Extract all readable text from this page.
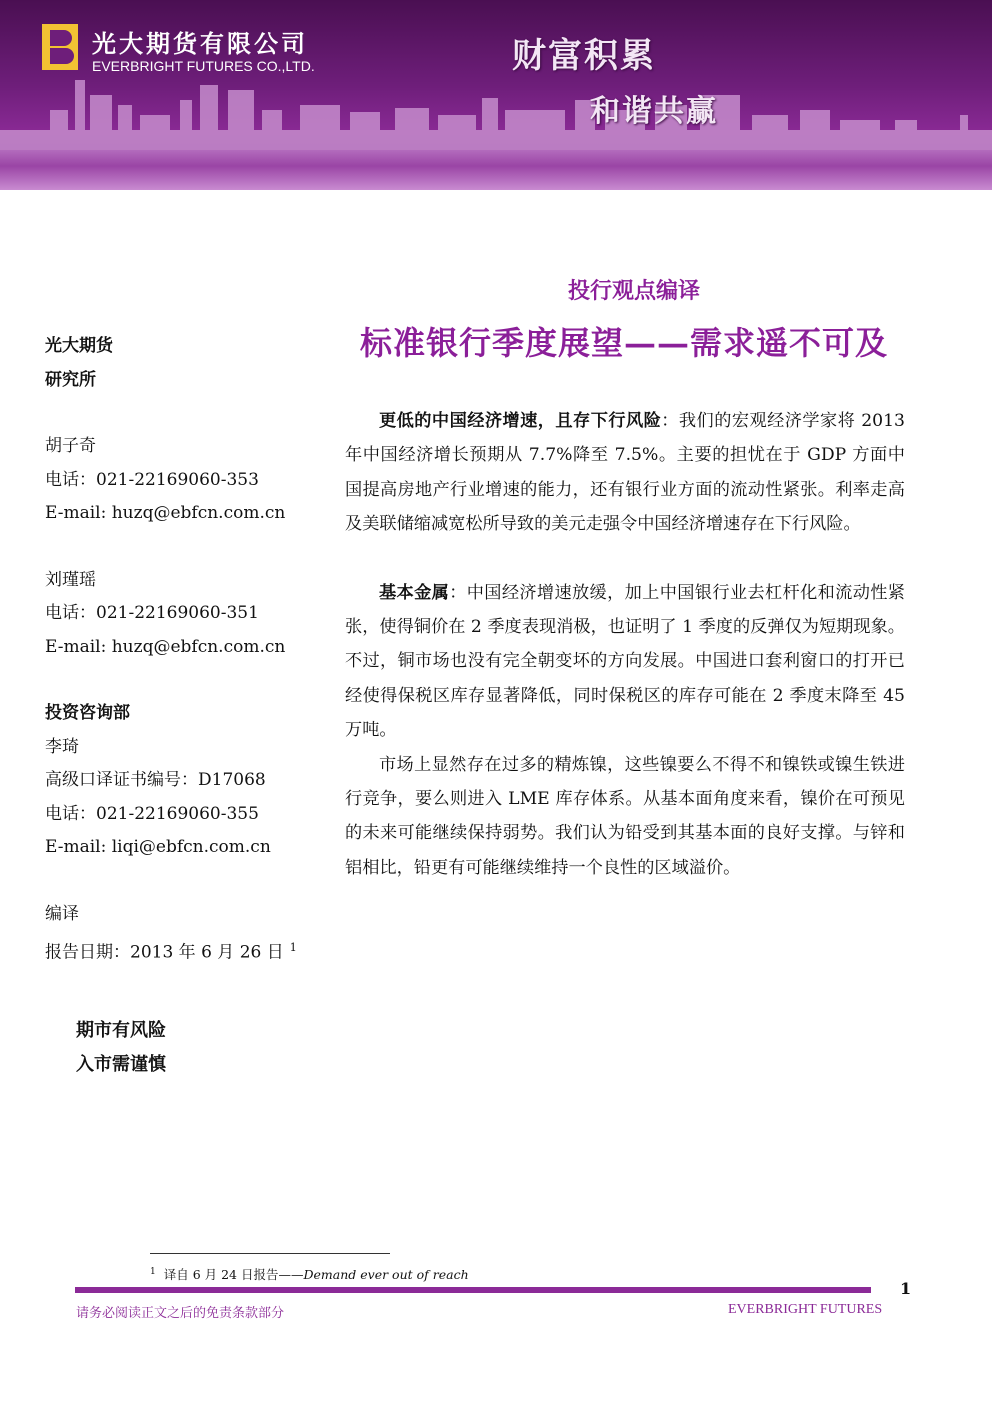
光大期货有限公司
EVERBRIGHT FUTURES CO.,LTD.	财富积累
和谐共赢
投行观点编译
标准银行季度展望——需求遥不可及
光大期货
研究所
胡子奇
电话：021-22169060-353
E-mail: huzq@ebfcn.com.cn
刘瑾瑶
电话：021-22169060-351
E-mail: huzq@ebfcn.com.cn
投资咨询部
李琦
高级口译证书编号：D17068
电话：021-22169060-355
E-mail: liqi@ebfcn.com.cn
编译
报告日期：2013 年 6 月 26 日 $^1$
期市有风险
入市需谨慎

更低的中国经济增速，且存下行风险：我们的宏观经济学家将 2013 年中国经济增长预期从 7.7%降至 7.5%。主要的担忧在于 GDP 方面中国提高房地产行业增速的能力，还有银行业方面的流动性紧张。利率走高及美联储缩减宽松所导致的美元走强令中国经济增速存在下行风险。

基本金属：中国经济增速放缓，加上中国银行业去杠杆化和流动性紧张，使得铜价在 2 季度表现消极，也证明了 1 季度的反弹仅为短期现象。不过，铜市场也没有完全朝变坏的方向发展。中国进口套利窗口的打开已经使得保税区库存显著降低，同时保税区的库存可能在 2 季度末降至 45 万吨。

市场上显然存在过多的精炼镍，这些镍要么不得不和镍铁或镍生铁进行竞争，要么则进入 LME 库存体系。从基本面角度来看，镍价在可预见的未来可能继续保持弱势。我们认为铅受到其基本面的良好支撑。与锌和铝相比，铅更有可能继续维持一个良性的区域溢价。

$^1$ 译自 6 月 24 日报告——Demand ever out of reach
1
请务必阅读正文之后的免责条款部分	EVERBRIGHT FUTURES
